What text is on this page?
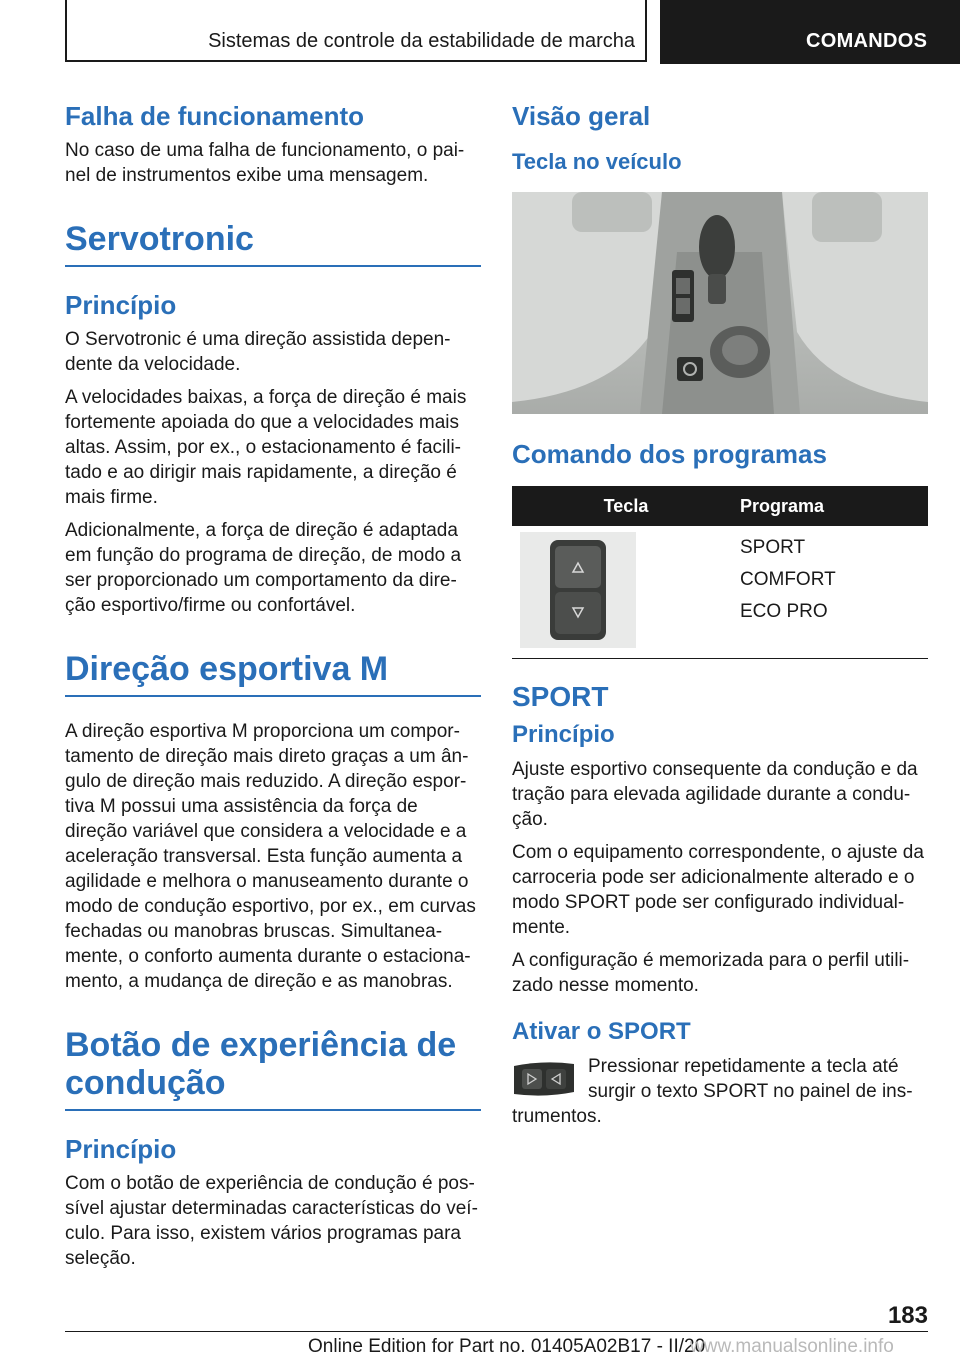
Sistemas de controle da estabilidade de marcha	COMANDOS
Falha de funcionamento

No caso de uma falha de funcionamento, o pai‐nel de instrumentos exibe uma mensagem.

Servotronic
Princípio

O Servotronic é uma direção assistida depen‐dente da velocidade.

A velocidades baixas, a força de direção é mais fortemente apoiada do que a velocidades mais altas. Assim, por ex., o estacionamento é facili‐tado e ao dirigir mais rapidamente, a direção é mais firme.

Adicionalmente, a força de direção é adaptada em função do programa de direção, de modo a ser proporcionado um comportamento da dire‐ção esportivo/firme ou confortável.

Direção esportiva M

A direção esportiva M proporciona um compor‐tamento de direção mais direto graças a um ân‐gulo de direção mais reduzido. A direção espor‐tiva M possui uma assistência da força de direção variável que considera a velocidade e a aceleração transversal. Esta função aumenta a agilidade e melhora o manuseamento durante o modo de condução esportivo, por ex., em curvas fechadas ou manobras bruscas. Simultanea‐mente, o conforto aumenta durante o estaciona‐mento, a mudança de direção e as manobras.

Botão de experiência de condução
Princípio

Com o botão de experiência de condução é pos‐sível ajustar determinadas características do veí‐culo. Para isso, existem vários programas para seleção.

Visão geral
Tecla no veículo
Comando dos programas
Tecla	Programa

SPORT
COMFORT
ECO PRO
SPORT
Princípio

Ajuste esportivo consequente da condução e da tração para elevada agilidade durante a condu‐ção.

Com o equipamento correspondente, o ajuste da carroceria pode ser adicionalmente alterado e o modo SPORT pode ser configurado individual‐mente.

A configuração é memorizada para o perfil utili‐zado nesse momento.

Ativar o SPORT

Pressionar repetidamente a tecla até surgir o texto SPORT no painel de ins‐trumentos.

183
Online Edition for Part no. 01405A02B17 - II/20
www.manualsonline.info
